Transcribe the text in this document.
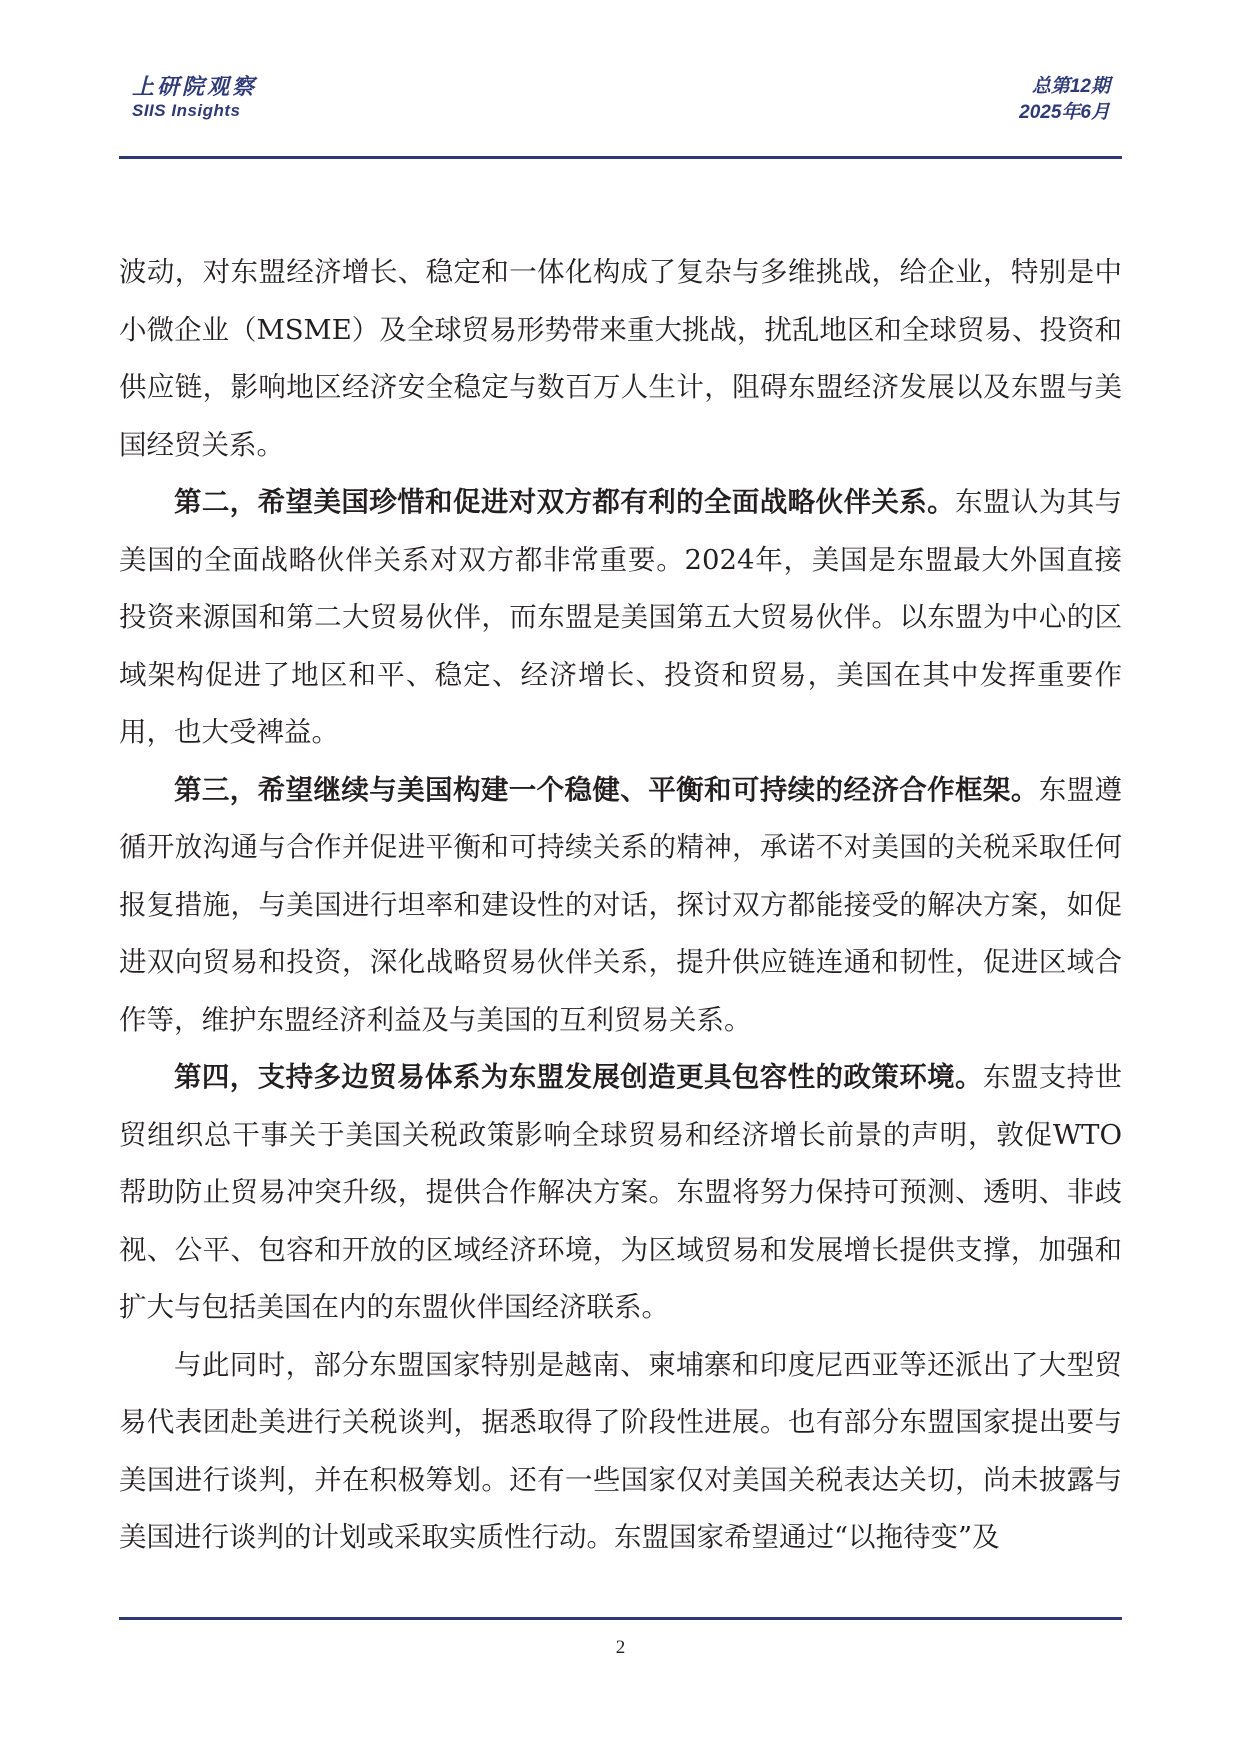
上研院观察
SIIS Insights
总第12期
2025年6月

波动，对东盟经济增长、稳定和一体化构成了复杂与多维挑战，给企业，特别是中小微企业（MSME）及全球贸易形势带来重大挑战，扰乱地区和全球贸易、投资和供应链，影响地区经济安全稳定与数百万人生计，阻碍东盟经济发展以及东盟与美国经贸关系。

第二，希望美国珍惜和促进对双方都有利的全面战略伙伴关系。东盟认为其与美国的全面战略伙伴关系对双方都非常重要。2024年，美国是东盟最大外国直接投资来源国和第二大贸易伙伴，而东盟是美国第五大贸易伙伴。以东盟为中心的区域架构促进了地区和平、稳定、经济增长、投资和贸易，美国在其中发挥重要作用，也大受裨益。

第三，希望继续与美国构建一个稳健、平衡和可持续的经济合作框架。东盟遵循开放沟通与合作并促进平衡和可持续关系的精神，承诺不对美国的关税采取任何报复措施，与美国进行坦率和建设性的对话，探讨双方都能接受的解决方案，如促进双向贸易和投资，深化战略贸易伙伴关系，提升供应链连通和韧性，促进区域合作等，维护东盟经济利益及与美国的互利贸易关系。

第四，支持多边贸易体系为东盟发展创造更具包容性的政策环境。东盟支持世贸组织总干事关于美国关税政策影响全球贸易和经济增长前景的声明，敦促WTO帮助防止贸易冲突升级，提供合作解决方案。东盟将努力保持可预测、透明、非歧视、公平、包容和开放的区域经济环境，为区域贸易和发展增长提供支撑，加强和扩大与包括美国在内的东盟伙伴国经济联系。

与此同时，部分东盟国家特别是越南、柬埔寨和印度尼西亚等还派出了大型贸易代表团赴美进行关税谈判，据悉取得了阶段性进展。也有部分东盟国家提出要与美国进行谈判，并在积极筹划。还有一些国家仅对美国关税表达关切，尚未披露与美国进行谈判的计划或采取实质性行动。东盟国家希望通过“以拖待变”及

2
